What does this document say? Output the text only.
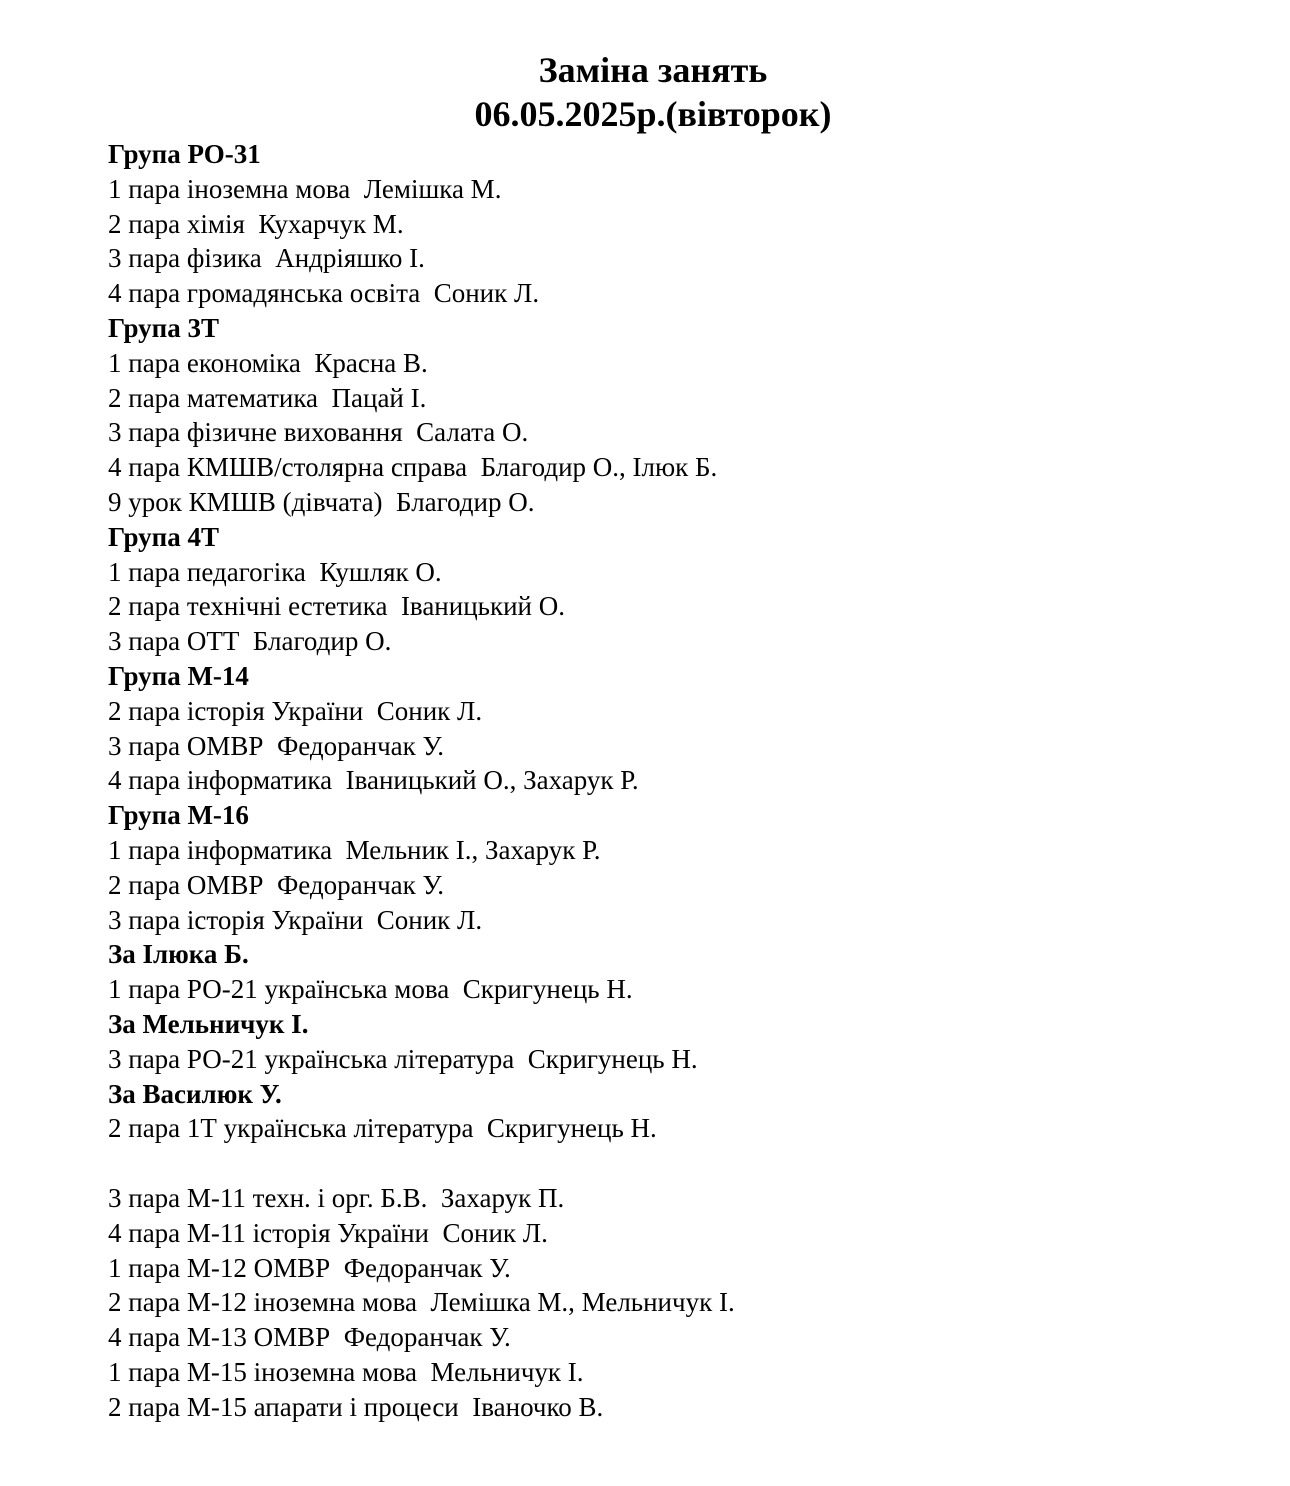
Заміна занять
06.05.2025р.(вівторок)
Група РО-31
1 пара іноземна мова  Лемішка М.
2 пара хімія  Кухарчук М.
3 пара фізика  Андріяшко І.
4 пара громадянська освіта  Соник Л.
Група 3Т
1 пара економіка  Красна В.
2 пара математика  Пацай І.
3 пара фізичне виховання  Салата О.
4 пара КМШВ/столярна справа  Благодир О., Ілюк Б.
9 урок КМШВ (дівчата)  Благодир О.
Група 4Т
1 пара педагогіка  Кушляк О.
2 пара технічні естетика  Іваницький О.
3 пара ОТТ  Благодир О.
Група М-14
2 пара історія України  Соник Л.
3 пара ОМВР  Федоранчак У.
4 пара інформатика  Іваницький О., Захарук Р.
Група М-16
1 пара інформатика  Мельник І., Захарук Р.
2 пара ОМВР  Федоранчак У.
3 пара історія України  Соник Л.
За Ілюка Б.
1 пара РО-21 українська мова  Скригунець Н.
За Мельничук І.
3 пара РО-21 українська література  Скригунець Н.
За Василюк У.
2 пара 1Т українська література  Скригунець Н.
3 пара М-11 техн. і орг. Б.В.  Захарук П.
4 пара М-11 історія України  Соник Л.
1 пара М-12 ОМВР  Федоранчак У.
2 пара М-12 іноземна мова  Лемішка М., Мельничук І.
4 пара М-13 ОМВР  Федоранчак У.
1 пара М-15 іноземна мова  Мельничук І.
2 пара М-15 апарати і процеси  Іваночко В.
